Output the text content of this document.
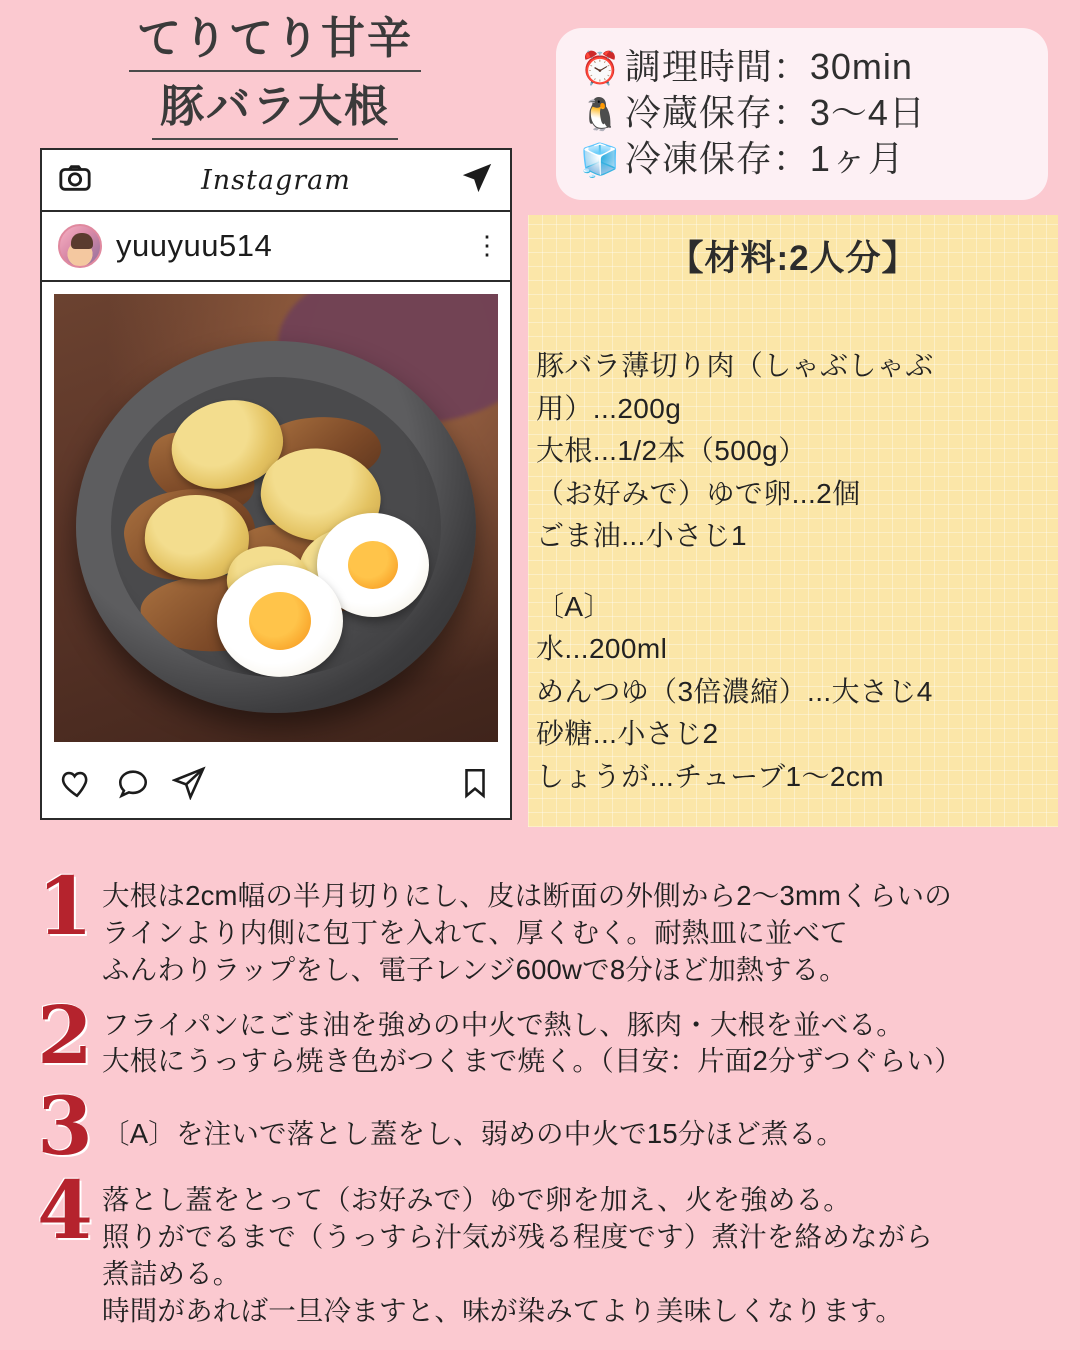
てりてり甘辛
豚バラ大根
⏰ 調理時間：30min
🐧 冷蔵保存：3〜4日
🧊 冷凍保存：1ヶ月
Instagram
yuuyuu514	⋮	【材料:2人分】
豚バラ薄切り肉（しゃぶしゃぶ用）...200g
大根...1/2本（500g）
（お好みで）ゆで卵...2個
ごま油...小さじ1
〔A〕
水...200ml
めんつゆ（3倍濃縮）...大さじ4
砂糖...小さじ2
しょうが...チューブ1〜2cm
1 大根は2cm幅の半月切りにし、皮は断面の外側から2〜3mmくらいの
ラインより内側に包丁を入れて、厚くむく。耐熱皿に並べて
ふんわりラップをし、電子レンジ600wで8分ほど加熱する。
2 フライパンにごま油を強めの中火で熱し、豚肉・大根を並べる。
大根にうっすら焼き色がつくまで焼く。（目安：片面2分ずつぐらい）
3 〔A〕を注いで落とし蓋をし、弱めの中火で15分ほど煮る。
4 落とし蓋をとって（お好みで）ゆで卵を加え、火を強める。
照りがでるまで（うっすら汁気が残る程度です）煮汁を絡めながら
煮詰める。
時間があれば一旦冷ますと、味が染みてより美味しくなります。
